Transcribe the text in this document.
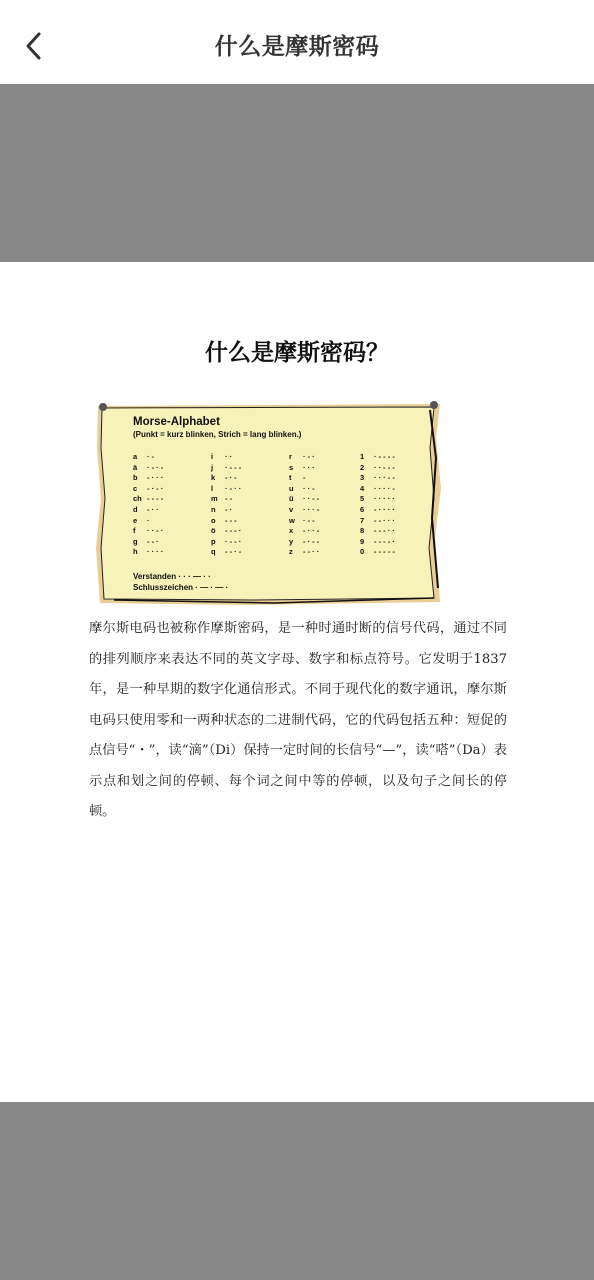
什么是摩斯密码
什么是摩斯密码？
Morse-Alphabet
(Punkt = kurz blinken, Strich = lang blinken.)
a · -
ä · - · -
b - · · ·
c - · - ·
ch - - - -
d - · ·
e ·
f · · - ·
g - - ·
h · · · ·
i · ·
j · - - -
k - · -
l · - · ·
m - -
n - ·
o - - -
ö - - - ·
p · - - ·
q - - · -
r · - ·
s · · ·
t -
u · · -
ü · · - -
v · · · -
w · - -
x - · · -
y - · - -
z - - · ·
1 · - - - -
2 · · - - -
3 · · · - -
4 · · · · -
5 · · · · ·
6 - · · · ·
7 - - · · ·
8 - - - · ·
9 - - - - ·
0 - - - - -
Verstanden · · · — · ·
Schlusszeichen · — · — ·
摩尔斯电码也被称作摩斯密码，是一种时通时断的信号代码，通过不同的排列顺序来表达不同的英文字母、数字和标点符号。它发明于1837 年，是一种早期的数字化通信形式。不同于现代化的数字通讯，摩尔斯电码只使用零和一两种状态的二进制代码，它的代码包括五种：短促的点信号“・”，读“滴”（Di）保持一定时间的长信号“—”，读“嗒”（Da）表示点和划之间的停顿、每个词之间中等的停顿，以及句子之间长的停顿。
